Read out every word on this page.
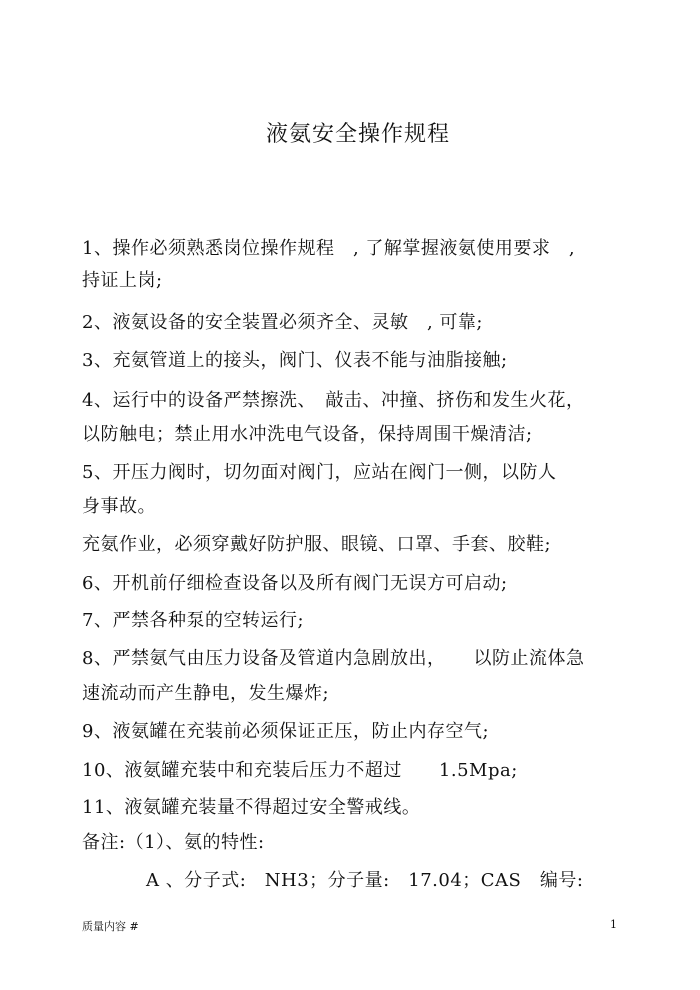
液氨安全操作规程
1、操作必须熟悉岗位操作规程　, 了解掌握液氨使用要求　,
持证上岗;
2、液氨设备的安全装置必须齐全、灵敏　, 可靠;
3、充氨管道上的接头，阀门、仪表不能与油脂接触;
4、运行中的设备严禁擦洗、　敲击、冲撞、挤伤和发生火花，
以防触电；禁止用水冲洗电气设备，保持周围干燥清洁;
5、开压力阀时，切勿面对阀门，应站在阀门一侧，以防人
身事故。
充氨作业，必须穿戴好防护服、眼镜、口罩、手套、胶鞋;
6、开机前仔细检查设备以及所有阀门无误方可启动;
7、严禁各种泵的空转运行;
8、严禁氨气由压力设备及管道内急剧放出，　　以防止流体急
速流动而产生静电，发生爆炸;
9、液氨罐在充装前必须保证正压，防止内存空气;
10、液氨罐充装中和充装后压力不超过　　1.5Mpa;
11、液氨罐充装量不得超过安全警戒线。
备注:（1）、氨的特性:
A 、分子式:　NH3；分子量:　17.04；CAS　编号:
质量内容 #	1
